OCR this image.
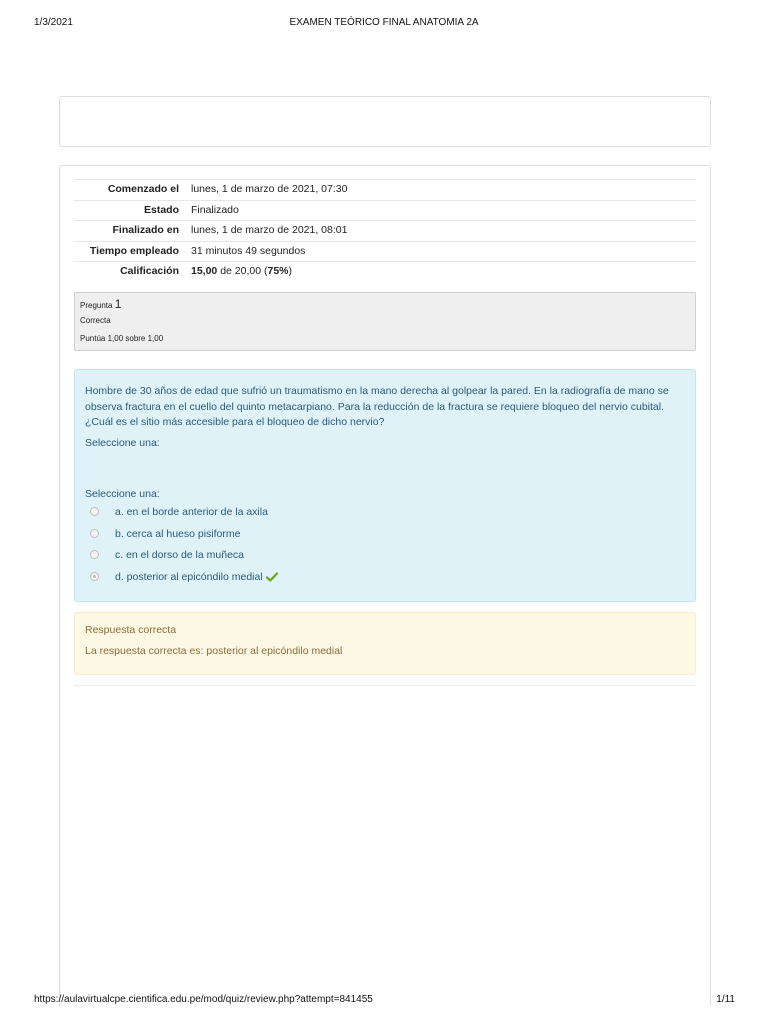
1/3/2021	EXAMEN TEÓRICO FINAL ANATOMIA 2A
Comenzado el	lunes, 1 de marzo de 2021, 07:30
Estado	Finalizado
Finalizado en	lunes, 1 de marzo de 2021, 08:01
Tiempo empleado	31 minutos 49 segundos
Calificación	15,00 de 20,00 (75%)
Pregunta 1
Correcta
Puntúa 1,00 sobre 1,00
Hombre de 30 años de edad que sufrió un traumatismo en la mano derecha al golpear la pared. En la radiografía de mano se observa fractura en el cuello del quinto metacarpiano. Para la reducción de la fractura se requiere bloqueo del nervio cubital. ¿Cuál es el sitio más accesible para el bloqueo de dicho nervio?
Seleccione una:
Seleccione una:
a. en el borde anterior de la axila
b. cerca al hueso pisiforme
c. en el dorso de la muñeca
d. posterior al epicóndilo medial
Respuesta correcta
La respuesta correcta es: posterior al epicóndilo medial
https://aulavirtualcpe.cientifica.edu.pe/mod/quiz/review.php?attempt=841455	1/11
